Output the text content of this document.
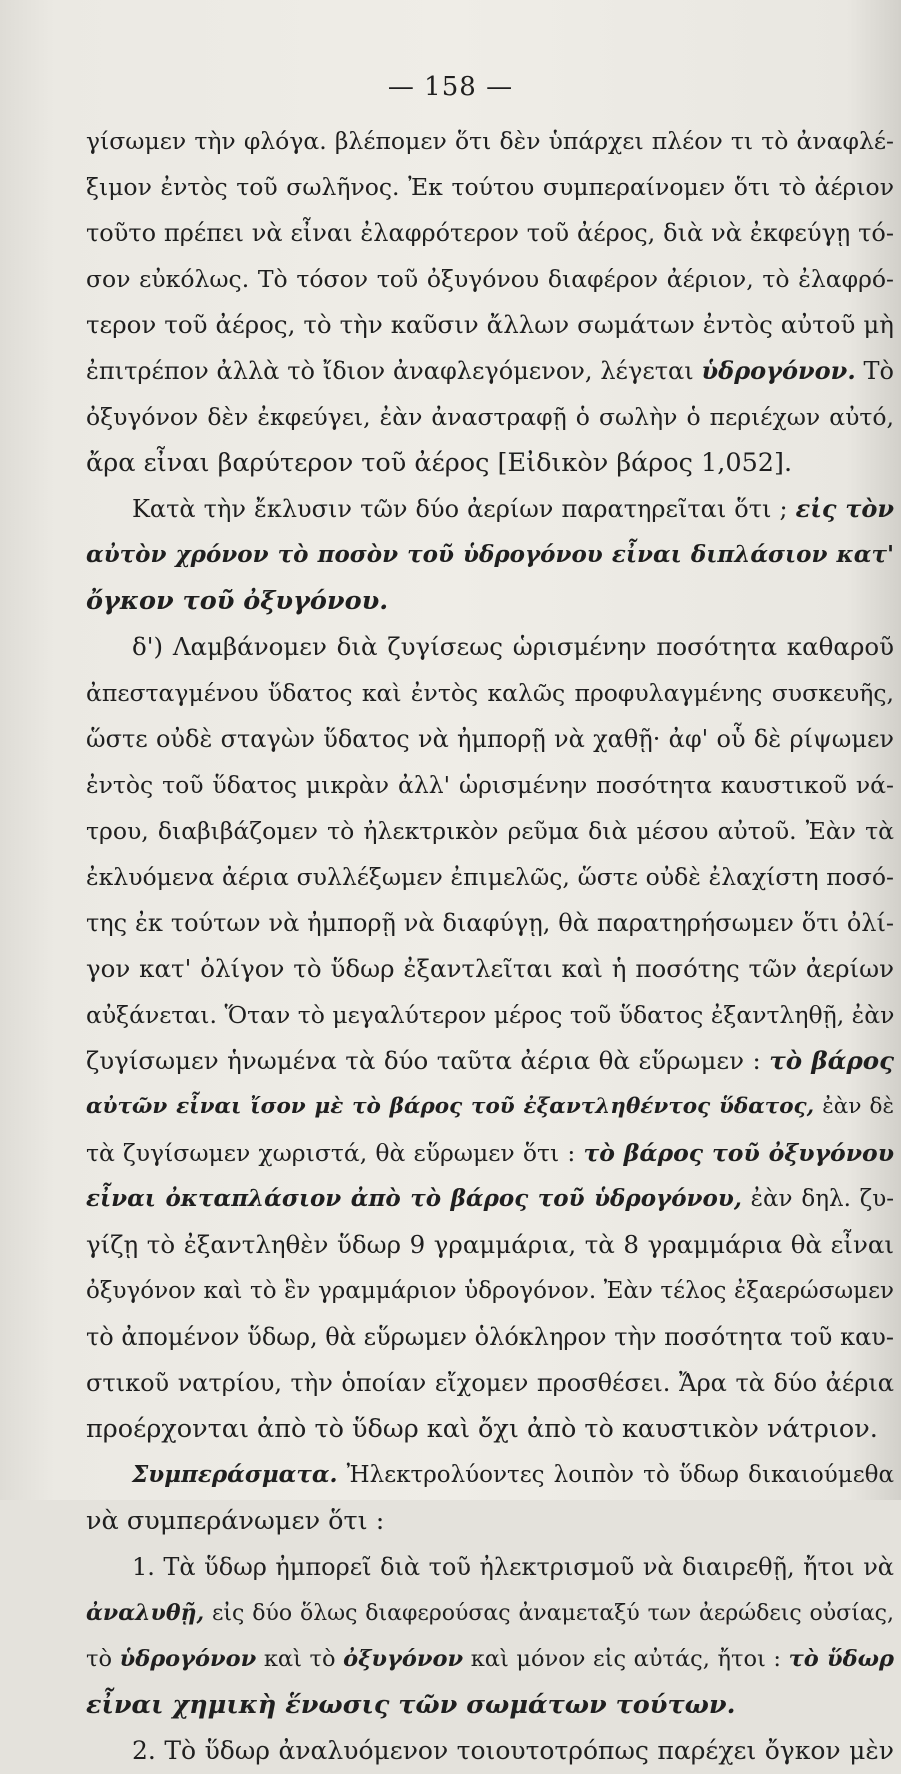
— 158 —
γίσωμεν τὴν φλόγα. βλέπομεν ὅτι δὲν ὑπάρχει πλέον τι τὸ ἀναφλέ-
ξιμον ἐντὸς τοῦ σωλῆνος. Ἐκ τούτου συμπεραίνομεν ὅτι τὸ ἀέριον
τοῦτο πρέπει νὰ εἶναι ἐλαφρότερον τοῦ ἀέρος, διὰ νὰ ἐκφεύγῃ τό-
σον εὐκόλως. Τὸ τόσον τοῦ ὀξυγόνου διαφέρον ἀέριον, τὸ ἐλαφρό-
τερον τοῦ ἀέρος, τὸ τὴν καῦσιν ἄλλων σωμάτων ἐντὸς αὐτοῦ μὴ
ἐπιτρέπον ἀλλὰ τὸ ἴδιον ἀναφλεγόμενον, λέγεται ὑδρογόνον. Τὸ
ὀξυγόνον δὲν ἐκφεύγει, ἐὰν ἀναστραφῇ ὁ σωλὴν ὁ περιέχων αὐτό,
ἄρα εἶναι βαρύτερον τοῦ ἀέρος [Εἰδικὸν βάρος 1,052].
Κατὰ τὴν ἔκλυσιν τῶν δύο ἀερίων παρατηρεῖται ὅτι ; εἰς τὸν
αὐτὸν χρόνον τὸ ποσὸν τοῦ ὑδρογόνου εἶναι διπλάσιον κατ'
ὄγκον τοῦ ὀξυγόνου.
δ') Λαμβάνομεν διὰ ζυγίσεως ὡρισμένην ποσότητα καθαροῦ
ἀπεσταγμένου ὕδατος καὶ ἐντὸς καλῶς προφυλαγμένης συσκευῆς,
ὥστε οὐδὲ σταγὼν ὕδατος νὰ ἠμπορῇ νὰ χαθῇ· ἀφ' οὗ δὲ ρίψωμεν
ἐντὸς τοῦ ὕδατος μικρὰν ἀλλ' ὡρισμένην ποσότητα καυστικοῦ νά-
τρου, διαβιβάζομεν τὸ ἠλεκτρικὸν ρεῦμα διὰ μέσου αὐτοῦ. Ἐὰν τὰ
ἐκλυόμενα ἀέρια συλλέξωμεν ἐπιμελῶς, ὥστε οὐδὲ ἐλαχίστη ποσό-
της ἐκ τούτων νὰ ἠμπορῇ νὰ διαφύγῃ, θὰ παρατηρήσωμεν ὅτι ὀλί-
γον κατ' ὀλίγον τὸ ὕδωρ ἐξαντλεῖται καὶ ἡ ποσότης τῶν ἀερίων
αὐξάνεται. Ὅταν τὸ μεγαλύτερον μέρος τοῦ ὕδατος ἐξαντληθῇ, ἐὰν
ζυγίσωμεν ἡνωμένα τὰ δύο ταῦτα ἀέρια θὰ εὕρωμεν : τὸ βάρος
αὐτῶν εἶναι ἴσον μὲ τὸ βάρος τοῦ ἐξαντληθέντος ὕδατος, ἐὰν δὲ
τὰ ζυγίσωμεν χωριστά, θὰ εὕρωμεν ὅτι : τὸ βάρος τοῦ ὀξυγόνου
εἶναι ὀκταπλάσιον ἀπὸ τὸ βάρος τοῦ ὑδρογόνου, ἐὰν δηλ. ζυ-
γίζῃ τὸ ἐξαντληθὲν ὕδωρ 9 γραμμάρια, τὰ 8 γραμμάρια θὰ εἶναι
ὀξυγόνον καὶ τὸ ἓν γραμμάριον ὑδρογόνον. Ἐὰν τέλος ἐξαερώσωμεν
τὸ ἀπομένον ὕδωρ, θὰ εὕρωμεν ὁλόκληρον τὴν ποσότητα τοῦ καυ-
στικοῦ νατρίου, τὴν ὁποίαν εἴχομεν προσθέσει. Ἄρα τὰ δύο ἀέρια
προέρχονται ἀπὸ τὸ ὕδωρ καὶ ὄχι ἀπὸ τὸ καυστικὸν νάτριον.
Συμπεράσματα. Ἠλεκτρολύοντες λοιπὸν τὸ ὕδωρ δικαιούμεθα
νὰ συμπεράνωμεν ὅτι :
1. Τὰ ὕδωρ ἠμπορεῖ διὰ τοῦ ἠλεκτρισμοῦ νὰ διαιρεθῇ, ἤτοι νὰ
ἀναλυθῇ, εἰς δύο ὅλως διαφερούσας ἀναμεταξύ των ἀερώδεις οὐσίας,
τὸ ὑδρογόνον καὶ τὸ ὀξυγόνον καὶ μόνον εἰς αὐτάς, ἤτοι : τὸ ὕδωρ
εἶναι χημικὴ ἕνωσις τῶν σωμάτων τούτων.
2. Τὸ ὕδωρ ἀναλυόμενον τοιουτοτρόπως παρέχει ὄγκον μὲν
